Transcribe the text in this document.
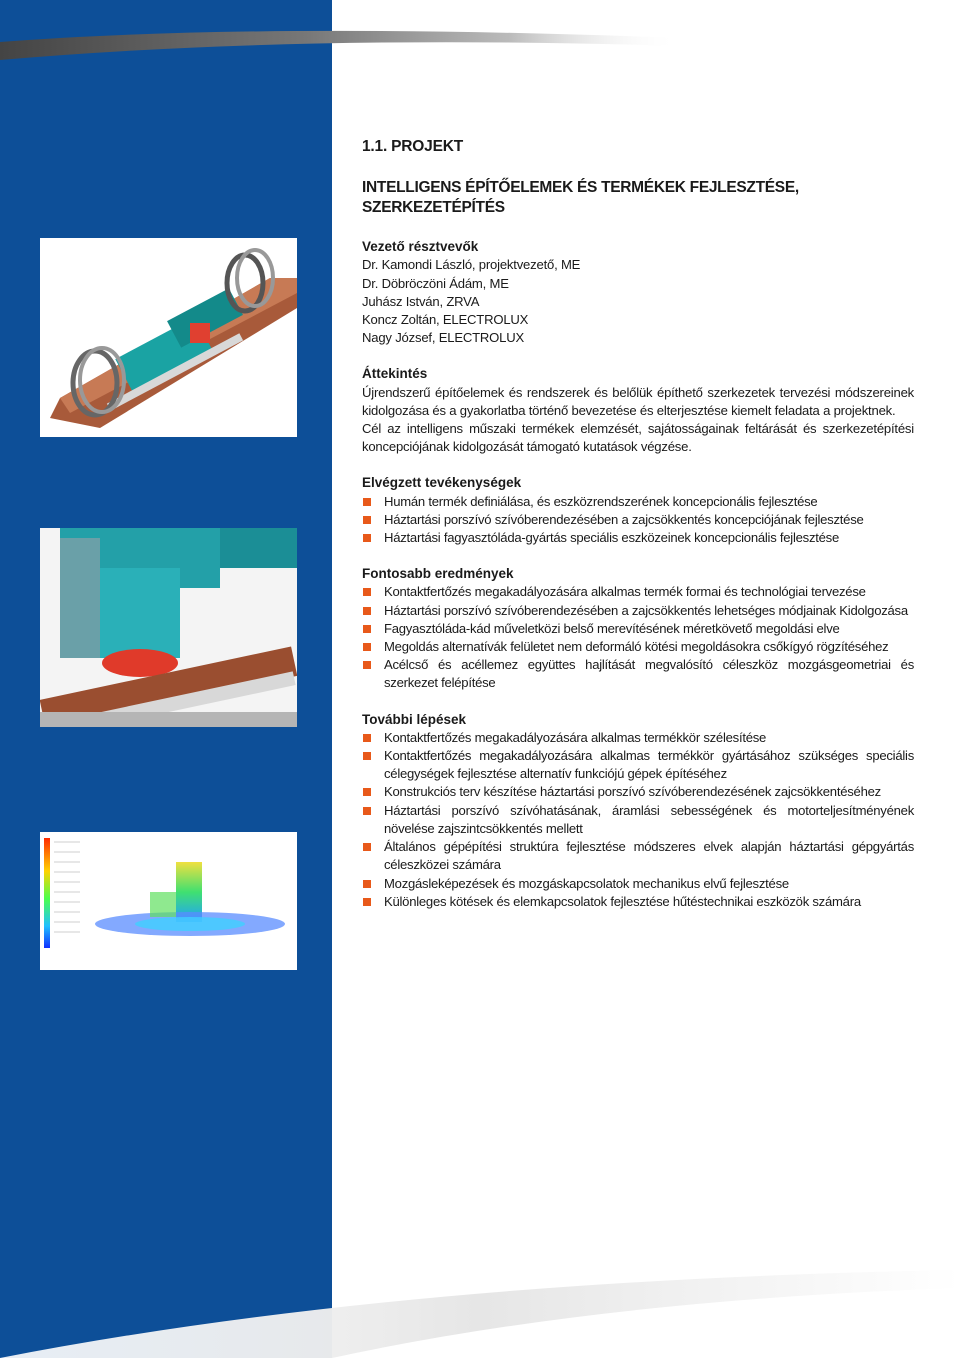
1.1. PROJEKT
INTELLIGENS ÉPÍTŐELEMEK ÉS TERMÉKEK FEJLESZTÉSE,
SZERKEZETÉPÍTÉS
Vezető résztvevők
Dr. Kamondi László, projektvezető, ME
Dr. Döbröczöni Ádám, ME
Juhász István, ZRVA
Koncz Zoltán, ELECTROLUX
Nagy József, ELECTROLUX
Áttekintés

Újrendszerű építőelemek és rendszerek és belőlük építhető szerkezetek tervezési módszereinek kidolgozása és a gyakorlatba történő bevezetése és elterjesztése kiemelt feladata a projektnek.

Cél az intelligens műszaki termékek elemzését, sajátosságainak feltárását és szerkezetépítési koncepciójának kidolgozását támogató kutatások végzése.

Elvégzett tevékenységek
Humán termék definiálása, és eszközrendszerének koncepcionális fejlesztése
Háztartási porszívó szívóberendezésében a zajcsökkentés koncepciójának fejlesztése
Háztartási fagyasztóláda-gyártás speciális eszközeinek koncepcionális fejlesztése
Fontosabb eredmények
Kontaktfertőzés megakadályozására alkalmas termék formai és technológiai tervezése
Háztartási porszívó szívóberendezésében a zajcsökkentés lehetséges módjainak Kidolgozása
Fagyasztóláda-kád műveletközi belső merevítésének méretkövető megoldási elve
Megoldás alternatívák felületet nem deformáló kötési megoldásokra csőkígyó rögzítéséhez
Acélcső és acéllemez együttes hajlítását megvalósító céleszköz mozgásgeometriai és szerkezet felépítése
További lépések
Kontaktfertőzés megakadályozására alkalmas termékkör szélesítése
Kontaktfertőzés megakadályozására alkalmas termékkör gyártásához szükséges speciális célegységek fejlesztése alternatív funkciójú gépek építéséhez
Konstrukciós terv készítése háztartási porszívó szívóberendezésének zajcsökkentéséhez
Háztartási porszívó szívóhatásának, áramlási sebességének és motorteljesítményének növelése zajszintcsökkentés mellett
Általános gépépítési struktúra fejlesztése módszeres elvek alapján háztartási gépgyártás céleszközei számára
Mozgásleképezések és mozgáskapcsolatok mechanikus elvű fejlesztése
Különleges kötések és elemkapcsolatok fejlesztése hűtéstechnikai eszközök számára
